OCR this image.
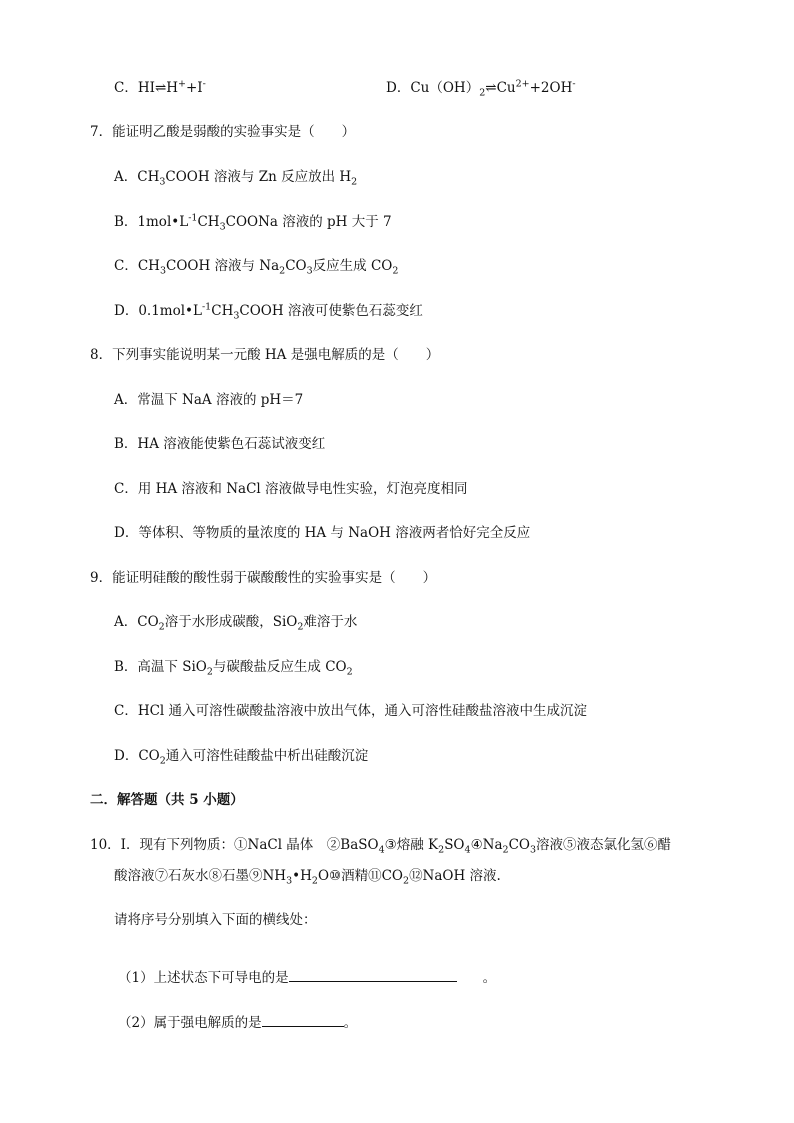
C．HI⇌H++I-	D．$Cu(OH)_2\rightleftharpoons Cu^{2+}+2OH^-$
7．能证明乙酸是弱酸的实验事实是（　　）
A．$CH_3COOH$ 溶液与 Zn 反应放出 $H_2$
B．$1mol•L^{-1}CH_3COONa$ 溶液的 pH 大于 7
C．$CH_3COOH$ 溶液与 $Na_2CO_3$反应生成 $CO_2$
D．$0.1mol•L^{-1}CH_3COOH$ 溶液可使紫色石蕊变红
8．下列事实能说明某一元酸 HA 是强电解质的是（　　）
A．常温下 NaA 溶液的 pH＝7
B．HA 溶液能使紫色石蕊试液变红
C．用 HA 溶液和 NaCl 溶液做导电性实验，灯泡亮度相同
D．等体积、等物质的量浓度的 HA 与 NaOH 溶液两者恰好完全反应
9．能证明硅酸的酸性弱于碳酸酸性的实验事实是（　　）
A．$CO_2$溶于水形成碳酸，SiO$_2$难溶于水
B．高温下 SiO$_2$与碳酸盐反应生成 $CO_2$
C．HCl 通入可溶性碳酸盐溶液中放出气体，通入可溶性硅酸盐溶液中生成沉淀
D．$CO_2$通入可溶性硅酸盐中析出硅酸沉淀
二．解答题（共 5 小题）
10．Ⅰ．现有下列物质：①NaCl 晶体　②BaSO$_4$③熔融 $K_2SO_4④Na_2CO_3$溶液⑤液态氯化氢⑥醋
酸溶液⑦石灰水⑧石墨$⑨NH_3•H_2O⑩$酒精$⑪CO_2⑫NaOH$ 溶液.
请将序号分别填入下面的横线处：
（1）上述状态下可导电的是	。
（2）属于强电解质的是	。
